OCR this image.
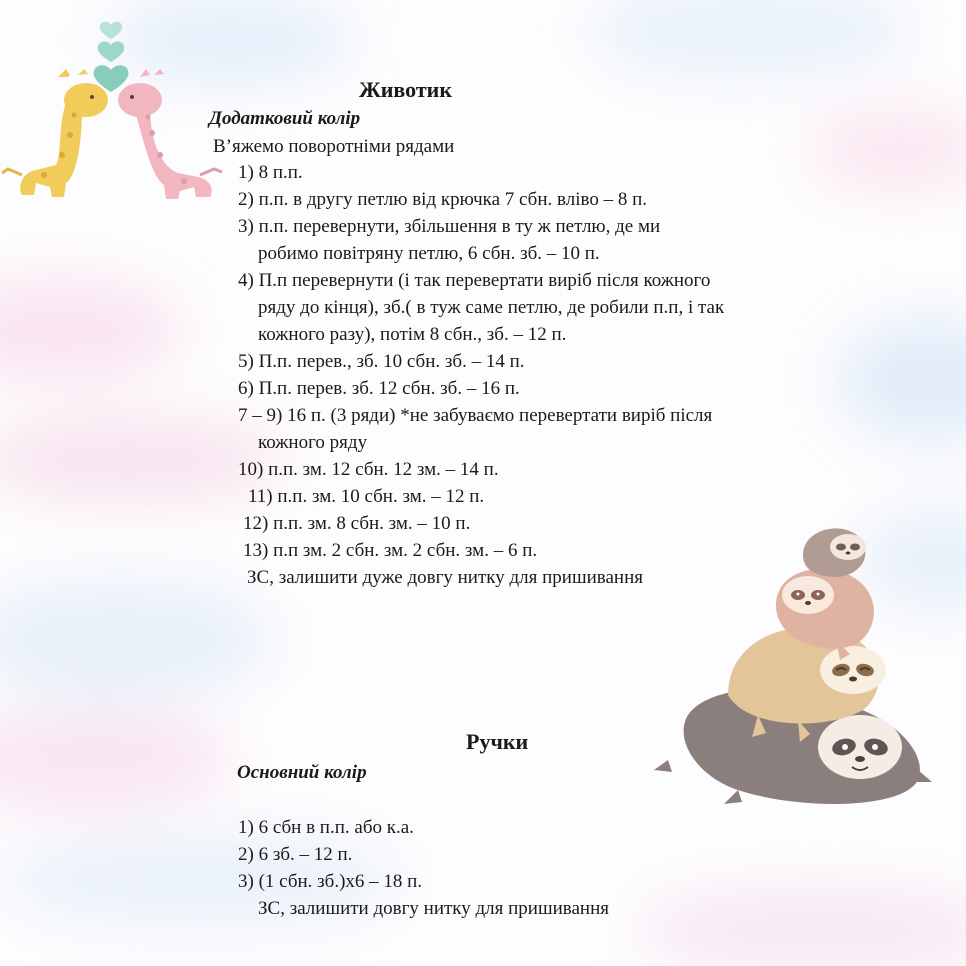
Животик
Додатковий колір
В’яжемо поворотніми рядами
1) 8 п.п.
2) п.п. в другу петлю від крючка 7 сбн. вліво – 8 п.
3) п.п. перевернути, збільшення в ту ж петлю, де ми
робимо повітряну петлю, 6 сбн. зб. – 10 п.
4) П.п перевернути (і так перевертати виріб після кожного
ряду до кінця), зб.( в туж саме петлю, де робили п.п, і так
кожного разу), потім 8 сбн., зб. – 12 п.
5) П.п. перев., зб. 10 сбн. зб. – 14 п.
6) П.п. перев. зб. 12 сбн. зб. – 16 п.
7 – 9) 16 п. (3 ряди) *не забуваємо перевертати виріб після
кожного ряду
10) п.п. зм. 12 сбн. 12 зм. – 14 п.
11) п.п. зм. 10 сбн. зм. – 12 п.
12) п.п. зм. 8 сбн. зм. – 10 п.
13) п.п зм. 2 сбн. зм. 2 сбн. зм. – 6 п.
ЗС, залишити дуже довгу нитку для пришивання
Ручки
Основний колір
1) 6 сбн в п.п. або к.а.
2) 6 зб. – 12 п.
3) (1 сбн. зб.)х6 – 18 п.
ЗС, залишити довгу нитку для пришивання
